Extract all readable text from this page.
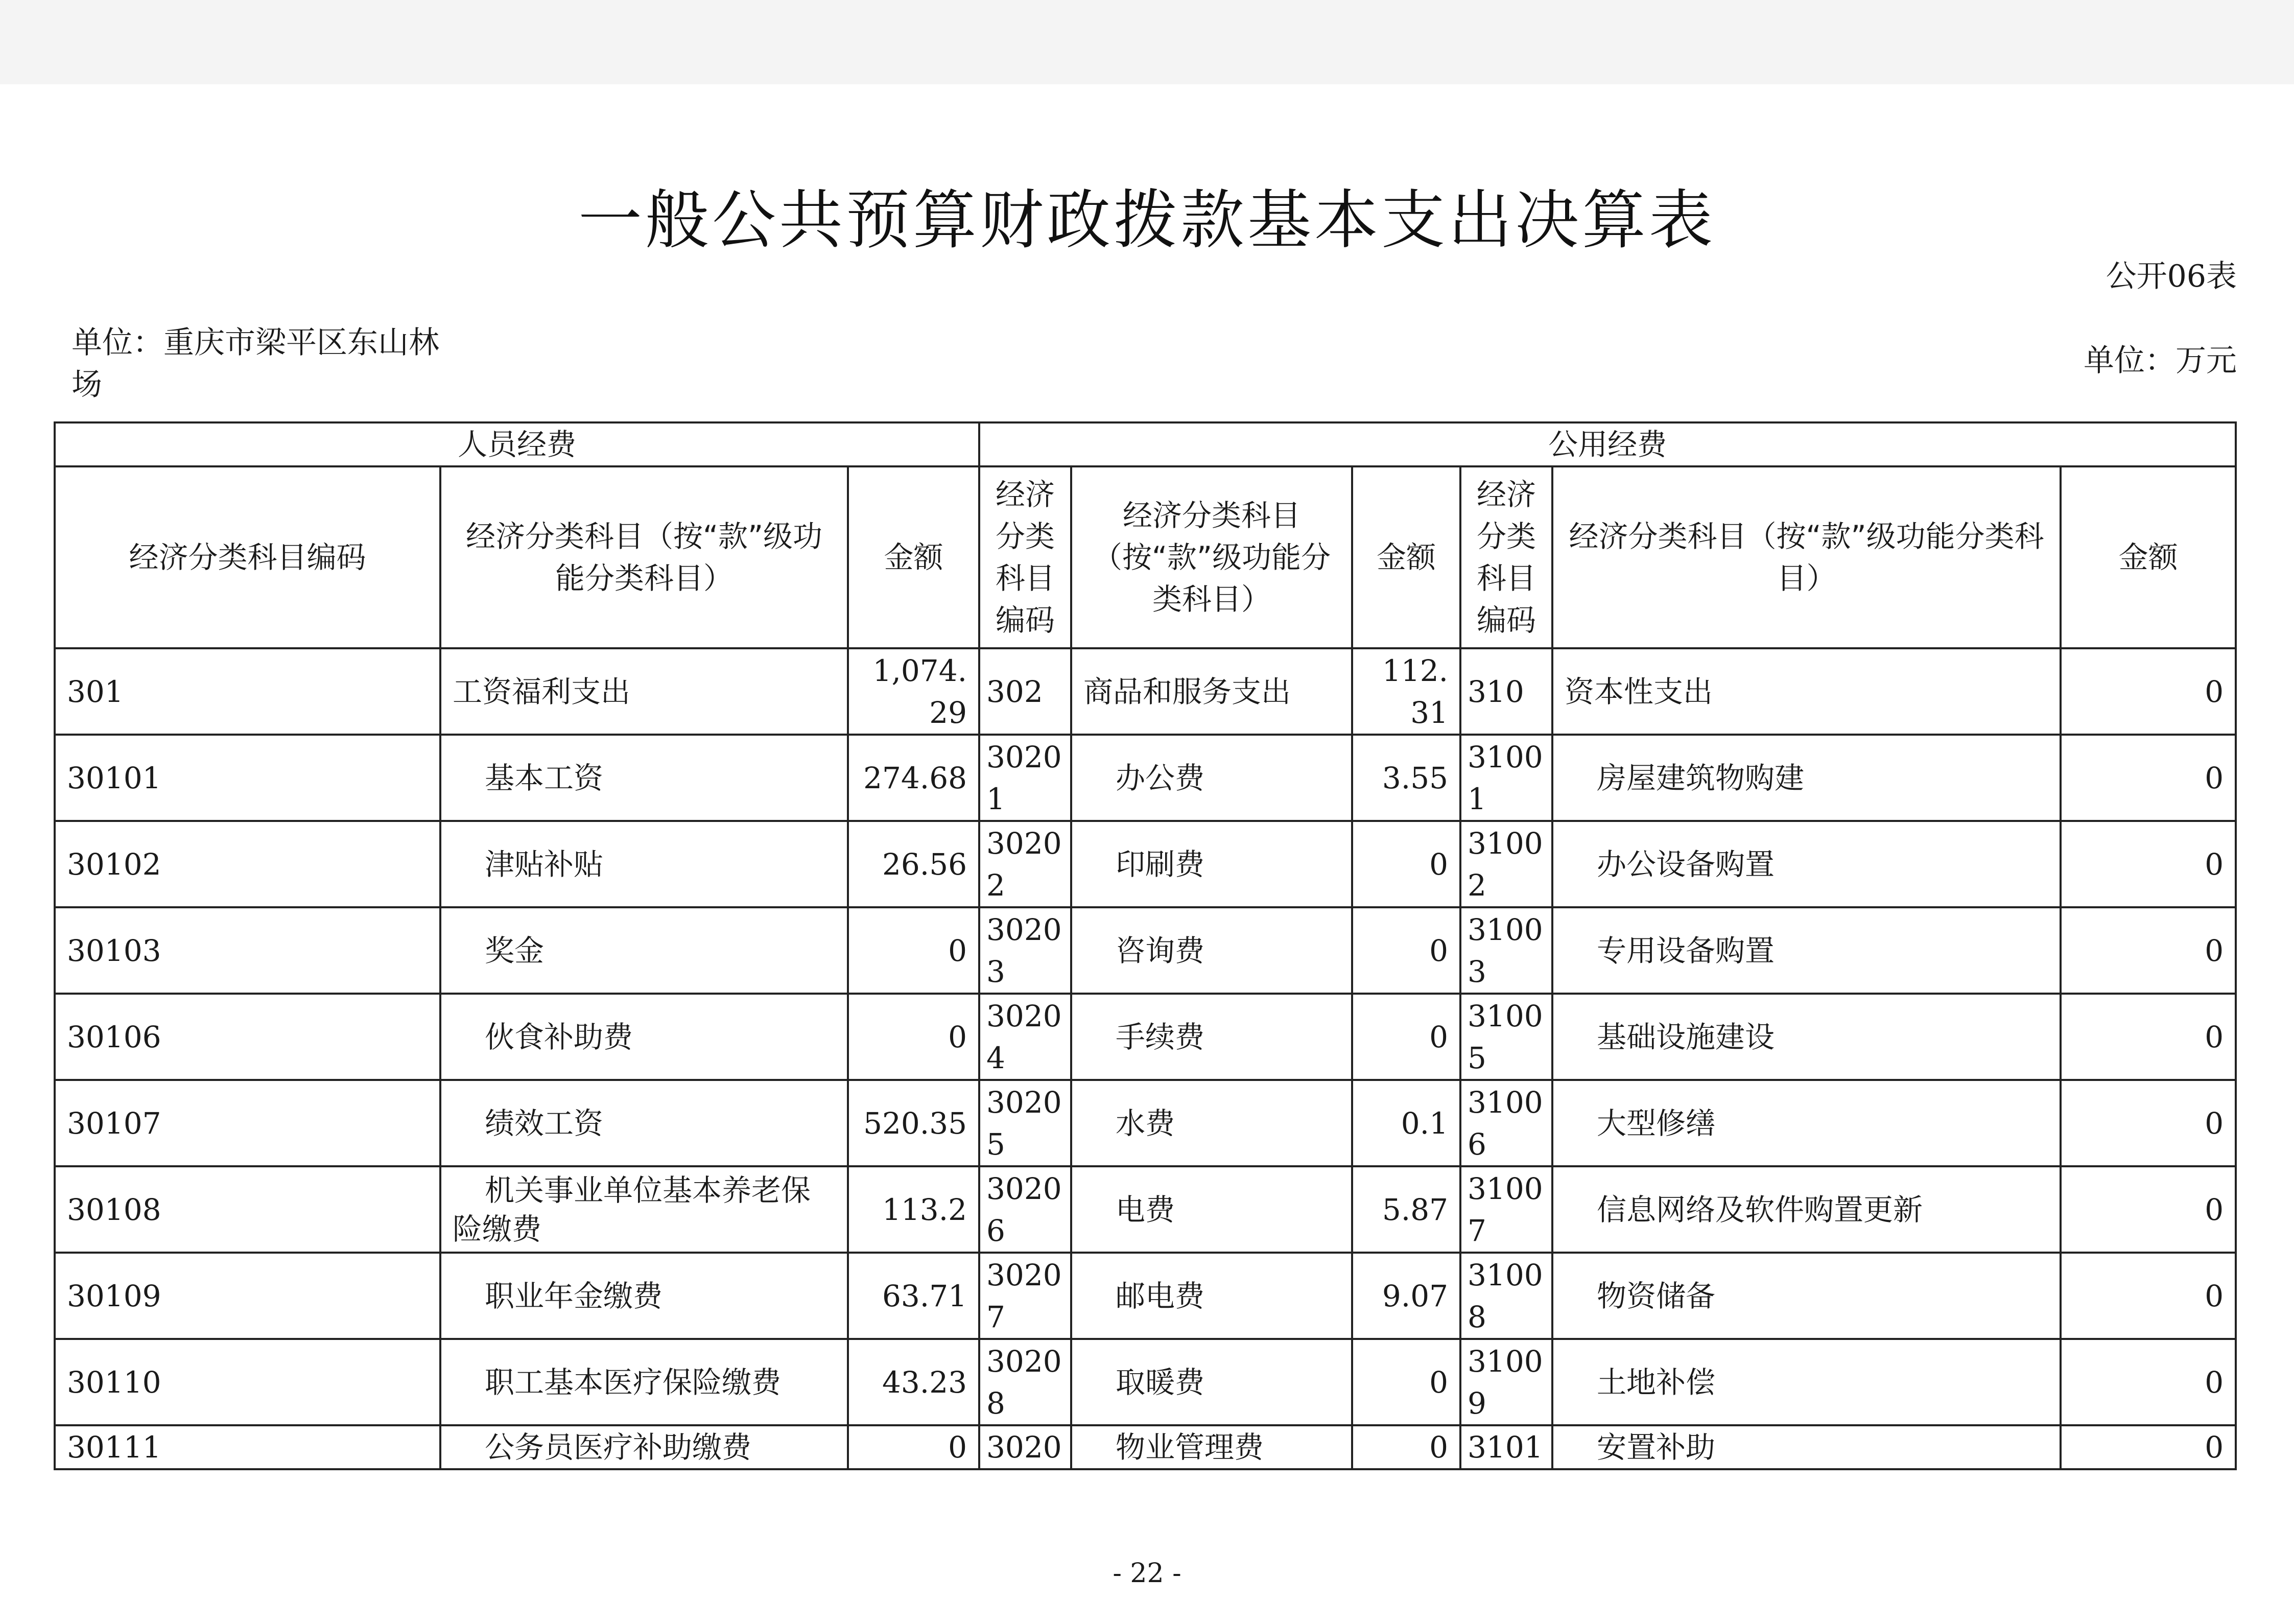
一般公共预算财政拨款基本支出决算表
公开06表
单位：重庆市梁平区东山林场
单位：万元
人员经费			公用经费					
经济分类科目编码	经济分类科目（按“款”级功能分类科目）	金额	经济分类科目编码	经济分类科目（按“款”级功能分类科目）	金额	经济分类科目编码	经济分类科目（按“款”级功能分类科目）	金额
301	工资福利支出	1,074.29	302	商品和服务支出	112.31	310	资本性支出	0
30101	基本工资	274.68	30201	办公费	3.55	31001	房屋建筑物购建	0
30102	津贴补贴	26.56	30202	印刷费	0	31002	办公设备购置	0
30103	奖金	0	30203	咨询费	0	31003	专用设备购置	0
30106	伙食补助费	0	30204	手续费	0	31005	基础设施建设	0
30107	绩效工资	520.35	30205	水费	0.1	31006	大型修缮	0
30108	机关事业单位基本养老保险缴费	113.2	30206	电费	5.87	31007	信息网络及软件购置更新	0
30109	职业年金缴费	63.71	30207	邮电费	9.07	31008	物资储备	0
30110	职工基本医疗保险缴费	43.23	30208	取暖费	0	31009	土地补偿	0
30111	公务员医疗补助缴费	0	3020	物业管理费	0	3101	安置补助	0
- 22 -
